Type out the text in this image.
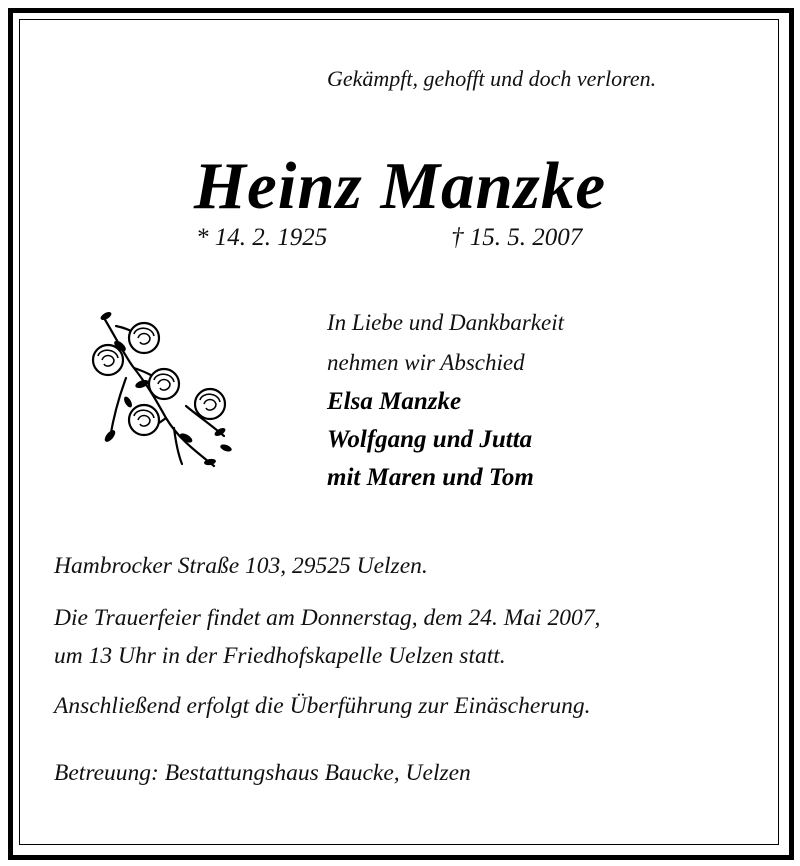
Gekämpft, gehofft und doch verloren.
Heinz Manzke
* 14. 2. 1925	† 15. 5. 2007
In Liebe und Dankbarkeit
nehmen wir Abschied
Elsa Manzke
Wolfgang und Jutta
mit Maren und Tom
Hambrocker Straße 103, 29525 Uelzen.
Die Trauerfeier findet am Donnerstag, dem 24. Mai 2007,
um 13 Uhr in der Friedhofskapelle Uelzen statt.
Anschließend erfolgt die Überführung zur Einäscherung.
Betreuung: Bestattungshaus Baucke, Uelzen
